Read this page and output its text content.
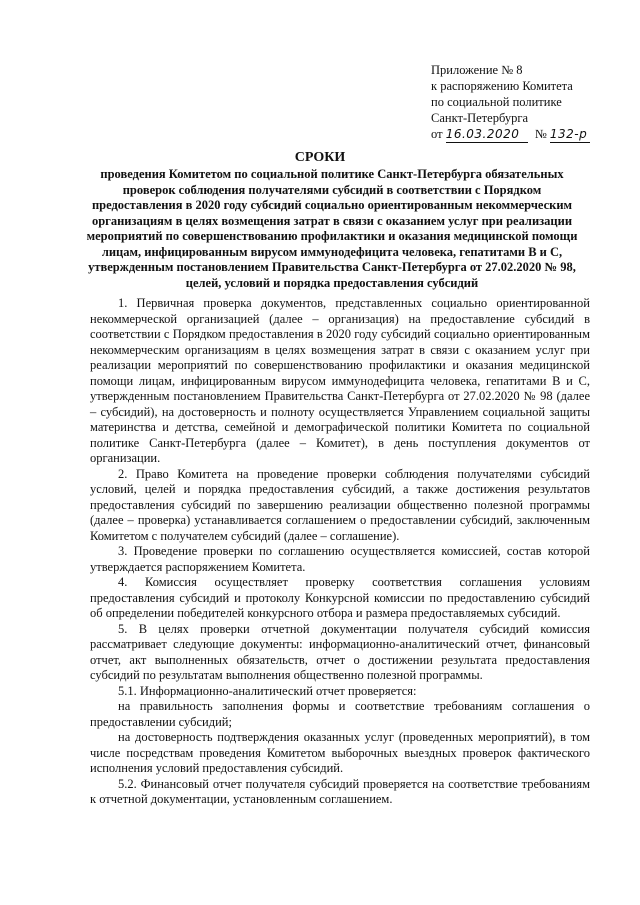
Приложение № 8
к распоряжению Комитета
по социальной политике
Санкт-Петербурга
от 16.03.2020 № 132-р
СРОКИ
проведения Комитетом по социальной политике Санкт-Петербурга обязательных проверок соблюдения получателями субсидий в соответствии с Порядком предоставления в 2020 году субсидий социально ориентированным некоммерческим организациям в целях возмещения затрат в связи с оказанием услуг при реализации мероприятий по совершенствованию профилактики и оказания медицинской помощи лицам, инфицированным вирусом иммунодефицита человека, гепатитами В и С, утвержденным постановлением Правительства Санкт-Петербурга от 27.02.2020 № 98, целей, условий и порядка предоставления субсидий

1. Первичная проверка документов, представленных социально ориентированной некоммерческой организацией (далее – организация) на предоставление субсидий в соответствии с Порядком предоставления в 2020 году субсидий социально ориентированным некоммерческим организациям в целях возмещения затрат в связи с оказанием услуг при реализации мероприятий по совершенствованию профилактики и оказания медицинской помощи лицам, инфицированным вирусом иммунодефицита человека, гепатитами В и С, утвержденным постановлением Правительства Санкт-Петербурга от 27.02.2020 № 98 (далее – субсидий), на достоверность и полноту осуществляется Управлением социальной защиты материнства и детства, семейной и демографической политики Комитета по социальной политике Санкт-Петербурга (далее – Комитет), в день поступления документов от организации.

2. Право Комитета на проведение проверки соблюдения получателями субсидий условий, целей и порядка предоставления субсидий, а также достижения результатов предоставления субсидий по завершению реализации общественно полезной программы (далее – проверка) устанавливается соглашением о предоставлении субсидий, заключенным Комитетом с получателем субсидий (далее – соглашение).

3. Проведение проверки по соглашению осуществляется комиссией, состав которой утверждается распоряжением Комитета.

4. Комиссия осуществляет проверку соответствия соглашения условиям предоставления субсидий и протоколу Конкурсной комиссии по предоставлению субсидий об определении победителей конкурсного отбора и размера предоставляемых субсидий.

5. В целях проверки отчетной документации получателя субсидий комиссия рассматривает следующие документы: информационно-аналитический отчет, финансовый отчет, акт выполненных обязательств, отчет о достижении результата предоставления субсидий по результатам выполнения общественно полезной программы.

5.1. Информационно-аналитический отчет проверяется:

на правильность заполнения формы и соответствие требованиям соглашения о предоставлении субсидий;

на достоверность подтверждения оказанных услуг (проведенных мероприятий), в том числе посредствам проведения Комитетом выборочных выездных проверок фактического исполнения условий предоставления субсидий.

5.2. Финансовый отчет получателя субсидий проверяется на соответствие требованиям к отчетной документации, установленным соглашением.
